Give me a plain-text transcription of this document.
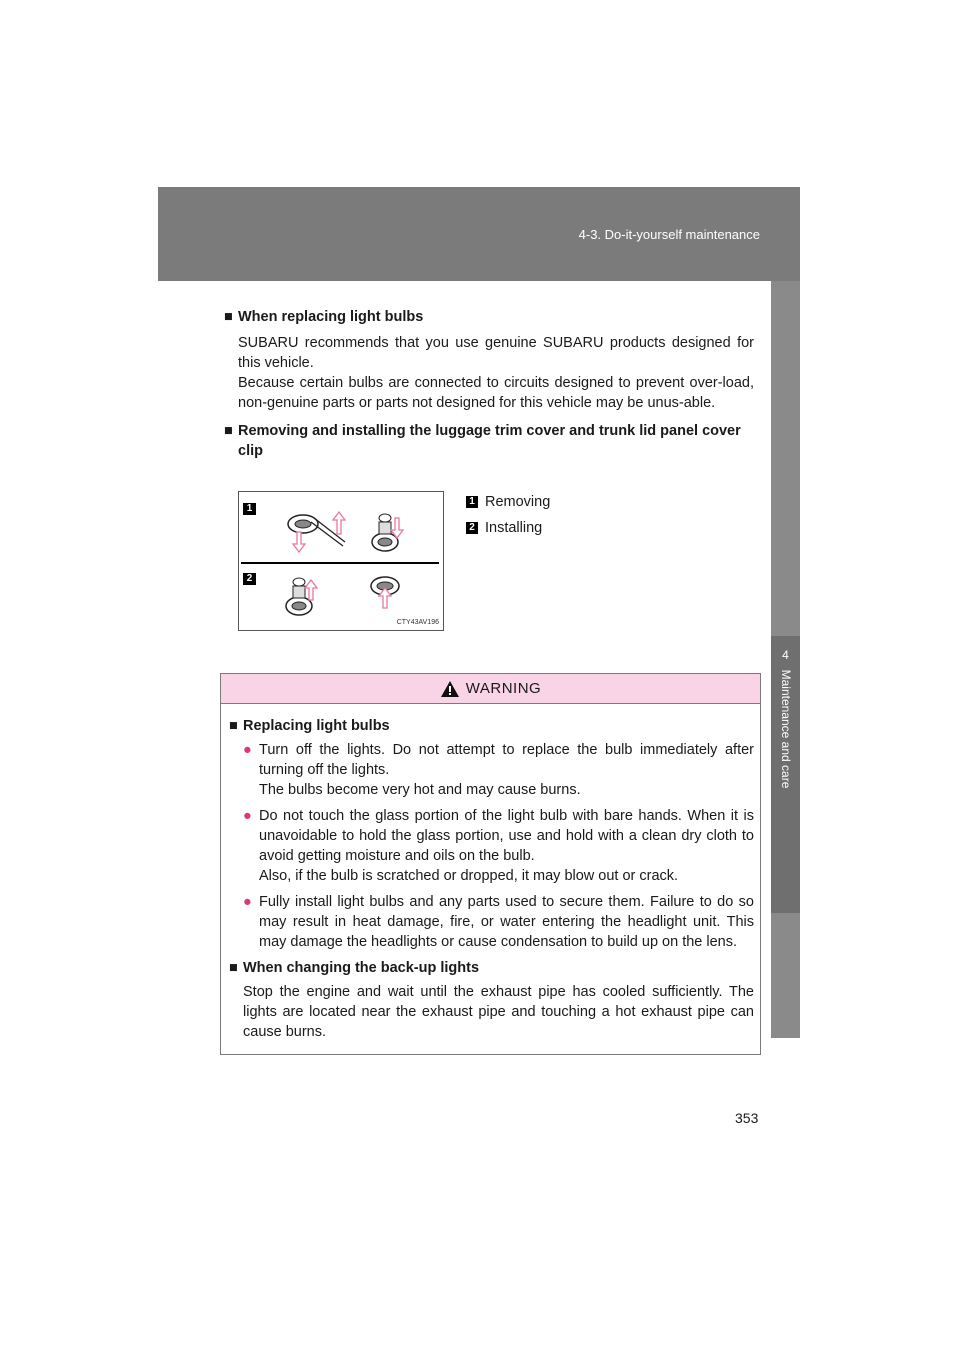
4-3. Do-it-yourself maintenance
4
Maintenance and care
■ When replacing light bulbs

SUBARU recommends that you use genuine SUBARU products designed for this vehicle.

Because certain bulbs are connected to circuits designed to prevent over-load, non-genuine parts or parts not designed for this vehicle may be unus-able.

■ Removing and installing the luggage trim cover and trunk lid panel cover clip
1
2
CTY43AV196
1 Removing
2 Installing
WARNING
■ Replacing light bulbs
● Turn off the lights. Do not attempt to replace the bulb immediately after turning off the lights.
The bulbs become very hot and may cause burns.
● Do not touch the glass portion of the light bulb with bare hands. When it is unavoidable to hold the glass portion, use and hold with a clean dry cloth to avoid getting moisture and oils on the bulb.
Also, if the bulb is scratched or dropped, it may blow out or crack.
● Fully install light bulbs and any parts used to secure them. Failure to do so may result in heat damage, fire, or water entering the headlight unit. This may damage the headlights or cause condensation to build up on the lens.
■ When changing the back-up lights
Stop the engine and wait until the exhaust pipe has cooled sufficiently. The lights are located near the exhaust pipe and touching a hot exhaust pipe can cause burns.
353
